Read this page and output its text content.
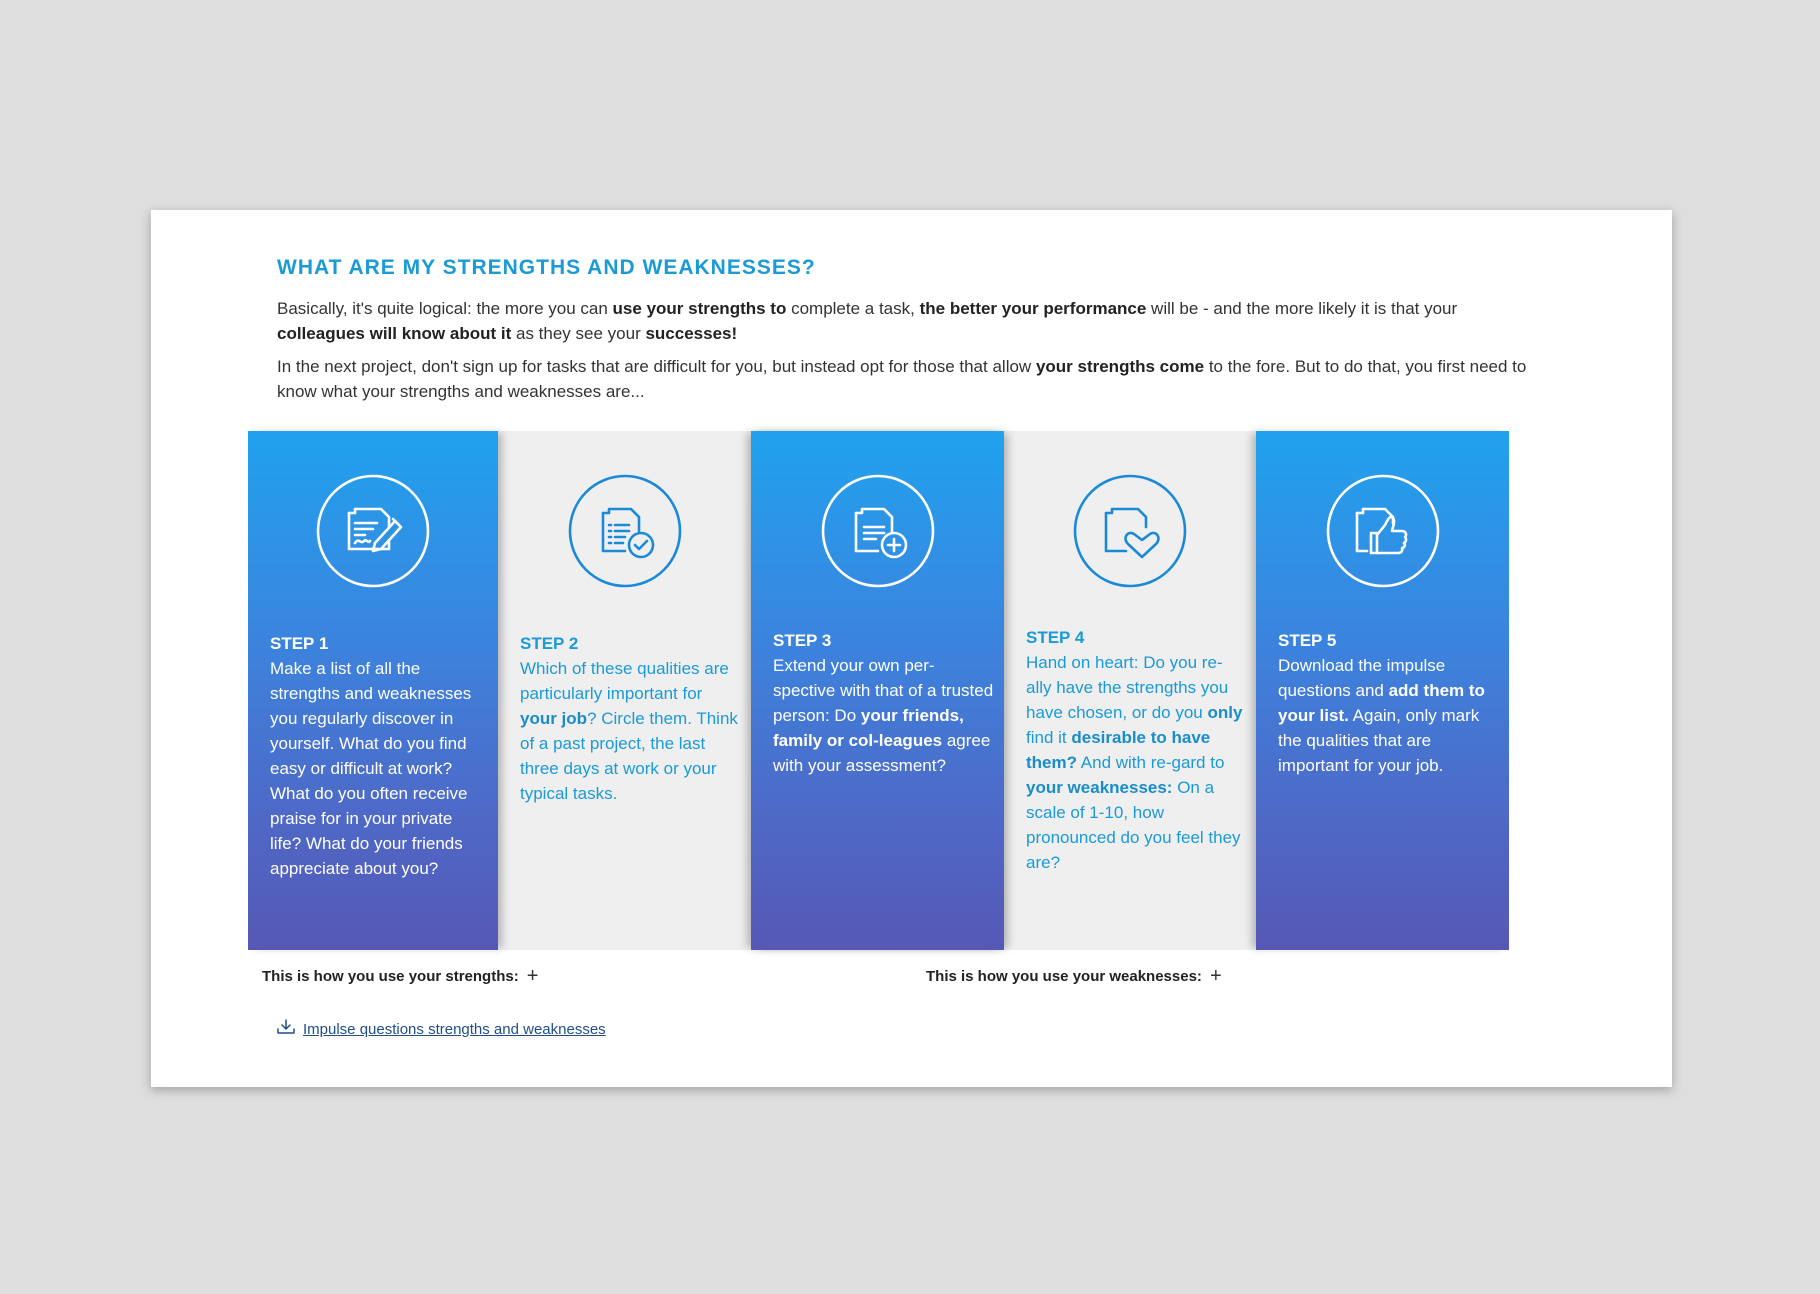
WHAT ARE MY STRENGTHS AND WEAKNESSES?

Basically, it's quite logical: the more you can use your strengths to complete a task, the better your performance will be - and the more likely it is that your colleagues will know about it as they see your successes!

In the next project, don't sign up for tasks that are difficult for you, but instead opt for those that allow your strengths come to the fore. But to do that, you first need to know what your strengths and weaknesses are...

STEP 1
Make a list of all the strengths and weaknesses you regularly discover in yourself. What do you find easy or difficult at work? What do you often receive praise for in your private life? What do your friends appreciate about you?
STEP 2
Which of these qualities are particularly important for your job? Circle them. Think of a past project, the last three days at work or your typical tasks.
STEP 3
Extend your own per-spective with that of a trusted person: Do your friends, family or col-leagues agree with your assessment?
STEP 4
Hand on heart: Do you re-ally have the strengths you have chosen, or do you only find it desirable to have them? And with re-gard to your weaknesses: On a scale of 1-10, how pronounced do you feel they are?
STEP 5
Download the impulse questions and add them to your list. Again, only mark the qualities that are important for your job.
This is how you use your strengths: +	This is how you use your weaknesses: +
Impulse questions strengths and weaknesses
